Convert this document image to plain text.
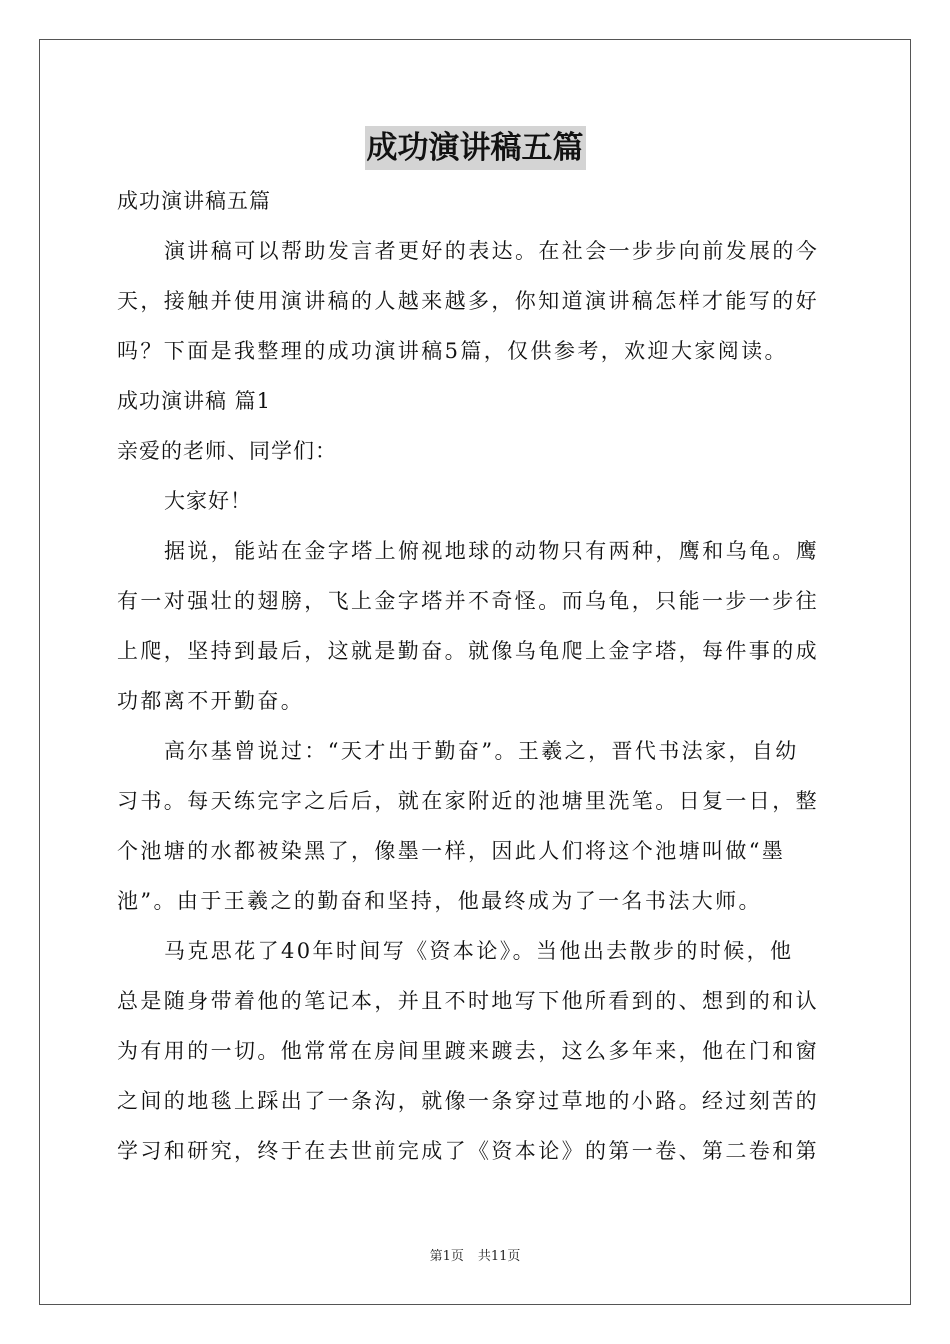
成功演讲稿五篇

成功演讲稿五篇

演讲稿可以帮助发言者更好的表达。在社会一步步向前发展的今

天，接触并使用演讲稿的人越来越多，你知道演讲稿怎样才能写的好

吗？下面是我整理的成功演讲稿5篇，仅供参考，欢迎大家阅读。

成功演讲稿 篇1

亲爱的老师、同学们：

大家好！

据说，能站在金字塔上俯视地球的动物只有两种，鹰和乌龟。鹰

有一对强壮的翅膀，飞上金字塔并不奇怪。而乌龟，只能一步一步往

上爬，坚持到最后，这就是勤奋。就像乌龟爬上金字塔，每件事的成

功都离不开勤奋。

高尔基曾说过：“天才出于勤奋”。王羲之，晋代书法家，自幼

习书。每天练完字之后后，就在家附近的池塘里洗笔。日复一日，整

个池塘的水都被染黑了，像墨一样，因此人们将这个池塘叫做“墨

池”。由于王羲之的勤奋和坚持，他最终成为了一名书法大师。

马克思花了40年时间写《资本论》。当他出去散步的时候，他

总是随身带着他的笔记本，并且不时地写下他所看到的、想到的和认

为有用的一切。他常常在房间里踱来踱去，这么多年来，他在门和窗

之间的地毯上踩出了一条沟，就像一条穿过草地的小路。经过刻苦的

学习和研究，终于在去世前完成了《资本论》的第一卷、第二卷和第

第1页 共11页
